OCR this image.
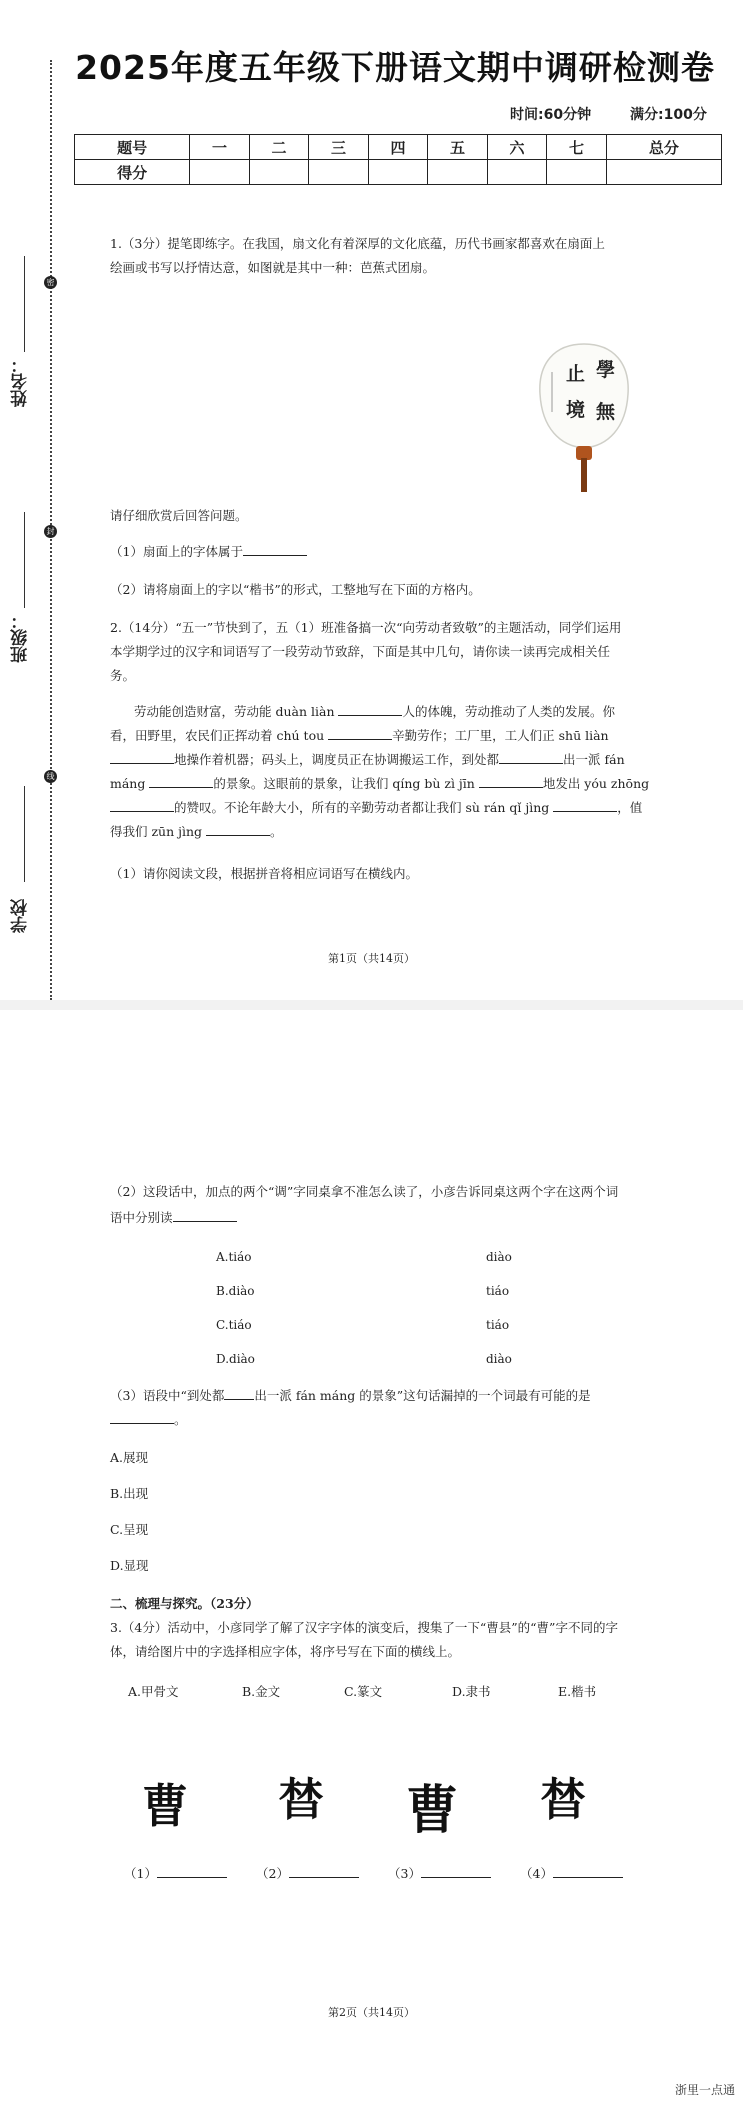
姓名：
密
班级：
封
学校
线
2025年度五年级下册语文期中调研检测卷
时间:60分钟	满分:100分
题号	一	二	三	四	五	六	七	总分
得分								
1.（3分）提笔即练字。在我国，扇文化有着深厚的文化底蕴，历代书画家都喜欢在扇面上
绘画或书写以抒情达意，如图就是其中一种：芭蕉式团扇。
止 學
境 無
请仔细欣赏后回答问题。
（1）扇面上的字体属于
（2）请将扇面上的字以“楷书”的形式，工整地写在下面的方格内。
2.（14分）“五一”节快到了，五（1）班准备搞一次“向劳动者致敬”的主题活动，同学们运用
本学期学过的汉字和词语写了一段劳动节致辞，下面是其中几句，请你读一读再完成相关任
务。
劳动能创造财富，劳动能 duàn liàn	人的体魄，劳动推动了人类的发展。你
看，田野里，农民们正挥动着 chú tou	辛勤劳作；工厂里，工人们正 shū liàn
地操作着机器；码头上，调度员正在协调搬运工作，到处都	出一派 fán
máng	的景象。这眼前的景象，让我们 qíng bù zì jīn	地发出 yóu zhōng
的赞叹。不论年龄大小，所有的辛勤劳动者都让我们 sù rán qǐ jìng	，值
得我们 zūn jìng	。
（1）请你阅读文段，根据拼音将相应词语写在横线内。
第1页（共14页）
（2）这段话中，加点的两个“调”字同桌拿不准怎么读了，小彦告诉同桌这两个字在这两个词
语中分别读
A.tiáo	diào
B.diào	tiáo
C.tiáo	tiáo
D.diào	diào
（3）语段中“到处都 出一派 fán máng 的景象”这句话漏掉的一个词最有可能的是
。
A.展现
B.出现
C.呈现
D.显现
二、梳理与探究。（23分）
3.（4分）活动中，小彦同学了解了汉字字体的演变后，搜集了一下“曹县”的“曹”字不同的字
体，请给图片中的字选择相应字体，将序号写在下面的横线上。
A.甲骨文	B.金文	C.篆文	D.隶书	E.楷书
曹 𣈅 曹 𣈅
（1）	（2）	（3）	（4）
第2页（共14页）
浙里一点通
